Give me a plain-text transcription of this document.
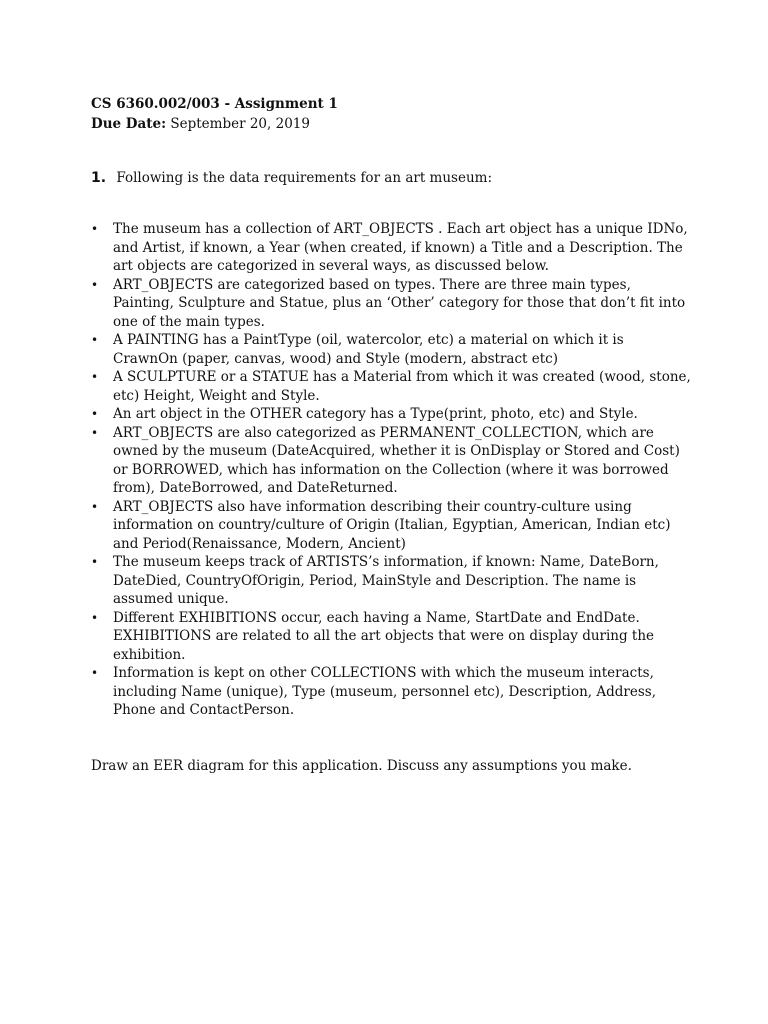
CS 6360.002/003 - Assignment 1
Due Date: September 20, 2019
1. Following is the data requirements for an art museum:
•	The museum has a collection of ART_OBJECTS . Each art object has a unique IDNo, and Artist, if known, a Year (when created, if known) a Title and a Description. The art objects are categorized in several ways, as discussed below.
•	ART_OBJECTS are categorized based on types. There are three main types, Painting, Sculpture and Statue, plus an ‘Other’ category for those that don’t fit into one of the main types.
•	A PAINTING has a PaintType (oil, watercolor, etc) a material on which it is CrawnOn (paper, canvas, wood) and Style (modern, abstract etc)
•	A SCULPTURE or a STATUE has a Material from which it was created (wood, stone, etc) Height, Weight and Style.
•	An art object in the OTHER category has a Type(print, photo, etc) and Style.
•	ART_OBJECTS are also categorized as PERMANENT_COLLECTION, which are owned by the museum (DateAcquired, whether it is OnDisplay or Stored and Cost) or BORROWED, which has information on the Collection (where it was borrowed from), DateBorrowed, and DateReturned.
•	ART_OBJECTS also have information describing their country-culture using information on country/culture of Origin (Italian, Egyptian, American, Indian etc) and Period(Renaissance, Modern, Ancient)
•	The museum keeps track of ARTISTS’s information, if known: Name, DateBorn, DateDied, CountryOfOrigin, Period, MainStyle and Description. The name is assumed unique.
•	Different EXHIBITIONS occur, each having a Name, StartDate and EndDate. EXHIBITIONS are related to all the art objects that were on display during the exhibition.
•	Information is kept on other COLLECTIONS with which the museum interacts, including Name (unique), Type (museum, personnel etc), Description, Address, Phone and ContactPerson.
Draw an EER diagram for this application. Discuss any assumptions you make.
